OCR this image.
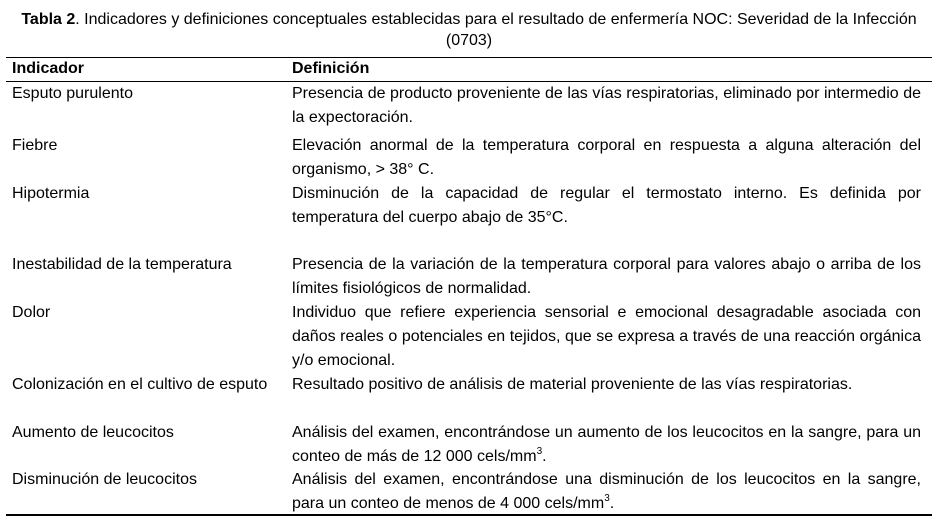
Tabla 2. Indicadores y definiciones conceptuales establecidas para el resultado de enfermería NOC: Severidad de la Infección (0703)
Indicador	Definición
Esputo purulento	Presencia de producto proveniente de las vías respiratorias, eliminado por intermedio de la expectoración.
Fiebre	Elevación anormal de la temperatura corporal en respuesta a alguna alteración del organismo, > 38° C.
Hipotermia	Disminución de la capacidad de regular el termostato interno. Es definida por temperatura del cuerpo abajo de 35°C.
Inestabilidad de la temperatura	Presencia de la variación de la temperatura corporal para valores abajo o arriba de los límites fisiológicos de normalidad.
Dolor	Individuo que refiere experiencia sensorial e emocional desagradable asociada con daños reales o potenciales en tejidos, que se expresa a través de una reacción orgánica y/o emocional.
Colonización en el cultivo de esputo	Resultado positivo de análisis de material proveniente de las vías respiratorias.
Aumento de leucocitos	Análisis del examen, encontrándose un aumento de los leucocitos en la sangre, para un conteo de más de 12 000 cels/$mm^3$.
Disminución de leucocitos	Análisis del examen, encontrándose una disminución de los leucocitos en la sangre, para un conteo de menos de 4 000 cels/$mm^3$.
